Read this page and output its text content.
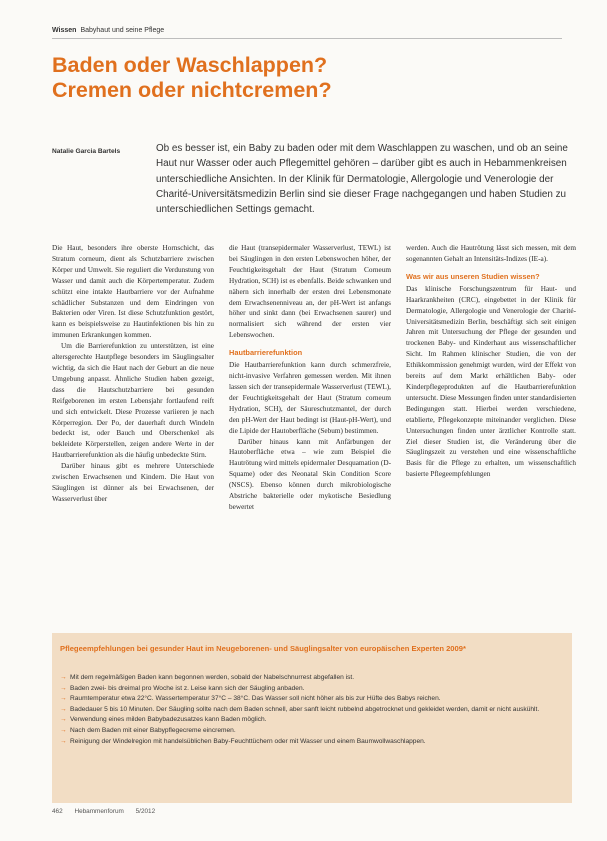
Wissen Babyhaut und seine Pflege
Baden oder Waschlappen?
Cremen oder nichtcremen?
Natalie Garcia Bartels	Ob es besser ist, ein Baby zu baden oder mit dem Waschlappen zu waschen, und ob an seine Haut nur Wasser oder auch Pflegemittel gehören – darüber gibt es auch in Hebammenkreisen unterschiedliche Ansichten. In der Klinik für Dermatologie, Allergologie und Venerologie der Charité-Universitätsmedizin Berlin sind sie dieser Frage nachgegangen und haben Studien zu unterschiedlichen Settings gemacht.

Die Haut, besonders ihre oberste Hornschicht, das Stratum corneum, dient als Schutzbarriere zwischen Körper und Umwelt. Sie reguliert die Verdunstung von Wasser und damit auch die Körpertemperatur. Zudem schützt eine intakte Hautbarriere vor der Aufnahme schädlicher Substanzen und dem Eindringen von Bakterien oder Viren. Ist diese Schutzfunktion gestört, kann es beispielsweise zu Hautinfektionen bis hin zu immunen Erkrankungen kommen.

Um die Barrierefunktion zu unterstützen, ist eine altersgerechte Hautpflege besonders im Säuglingsalter wichtig, da sich die Haut nach der Geburt an die neue Umgebung anpasst. Ähnliche Studien haben gezeigt, dass die Hautschutzbarriere bei gesunden Reifgeborenen im ersten Lebensjahr fortlaufend reift und sich entwickelt. Diese Prozesse variieren je nach Körperregion. Der Po, der dauerhaft durch Windeln bedeckt ist, oder Bauch und Oberschenkel als bekleidete Körperstellen, zeigen andere Werte in der Hautbarrierefunktion als die häufig unbedeckte Stirn.

Darüber hinaus gibt es mehrere Unterschiede zwischen Erwachsenen und Kindern. Die Haut von Säuglingen ist dünner als bei Erwachsenen, der Wasserverlust über

die Haut (transepidermaler Wasserverlust, TEWL) ist bei Säuglingen in den ersten Lebenswochen höher, der Feuchtigkeitsgehalt der Haut (Stratum Corneum Hydration, SCH) ist es ebenfalls. Beide schwanken und nähern sich innerhalb der ersten drei Lebensmonate dem Erwachsenenniveau an, der pH-Wert ist anfangs höher und sinkt dann (bei Erwachsenen saurer) und normalisiert sich während der ersten vier Lebenswochen.

Hautbarrierefunktion

Die Hautbarrierefunktion kann durch schmerzfreie, nicht-invasive Verfahren gemessen werden. Mit ihnen lassen sich der transepidermale Wasserverlust (TEWL), der Feuchtigkeitsgehalt der Haut (Stratum corneum Hydration, SCH), der Säureschutzmantel, der durch den pH-Wert der Haut bedingt ist (Haut-pH-Wert), und die Lipide der Hautoberfläche (Sebum) bestimmen.

Darüber hinaus kann mit Anfärbungen der Hautoberfläche etwa – wie zum Beispiel die Hautrötung wird mittels epidermaler Desquamation (D-Squame) oder des Neonatal Skin Condition Score (NSCS). Ebenso können durch mikrobiologische Abstriche bakterielle oder mykotische Besiedlung bewertet

werden. Auch die Hautrötung lässt sich messen, mit dem sogenannten Gehalt an Intensitäts-Indizes (IE-a).

Was wir aus unseren Studien wissen?

Das klinische Forschungszentrum für Haut- und Haarkrankheiten (CRC), eingebettet in der Klinik für Dermatologie, Allergologie und Venerologie der Charité-Universitätsmedizin Berlin, beschäftigt sich seit einigen Jahren mit Untersuchung der Pflege der gesunden und trockenen Baby- und Kinderhaut aus wissenschaftlicher Sicht. Im Rahmen klinischer Studien, die von der Ethikkommission genehmigt wurden, wird der Effekt von bereits auf dem Markt erhältlichen Baby- oder Kinderpflegeprodukten auf die Hautbarrierefunktion untersucht. Diese Messungen finden unter standardisierten Bedingungen statt. Hierbei werden verschiedene, etablierte, Pflegekonzepte miteinander verglichen. Diese Untersuchungen finden unter ärztlicher Kontrolle statt. Ziel dieser Studien ist, die Veränderung über die Säuglingszeit zu verstehen und eine wissenschaftliche Basis für die Pflege zu erhalten, um wissenschaftlich basierte Pflegeempfehlungen

Pflegeempfehlungen bei gesunder Haut im Neugeborenen- und Säuglingsalter von europäischen Experten 2009*
→ Mit dem regelmäßigen Baden kann begonnen werden, sobald der Nabelschnurrest abgefallen ist.
→ Baden zwei- bis dreimal pro Woche ist z. Leise kann sich der Säugling anbaden.
→ Raumtemperatur etwa 22°C. Wassertemperatur 37°C – 38°C. Das Wasser soll nicht höher als bis zur Hüfte des Babys reichen.
→ Badedauer 5 bis 10 Minuten. Der Säugling sollte nach dem Baden schnell, aber sanft leicht rubbelnd abgetrocknet und gekleidet werden, damit er nicht auskühlt.
→ Verwendung eines milden Babybadezusatzes kann Baden möglich.
→ Nach dem Baden mit einer Babypflegecreme eincremen.
→ Reinigung der Windelregion mit handelsüblichen Baby-Feuchttüchern oder mit Wasser und einem Baumwollwaschlappen.
462 Hebammenforum 5/2012
